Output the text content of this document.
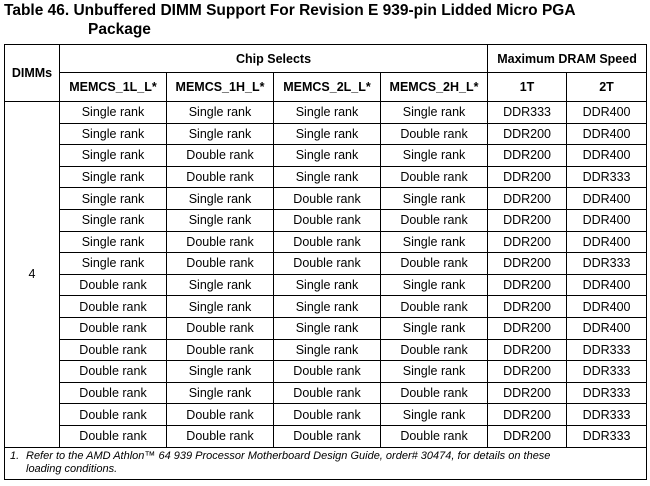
Table 46. Unbuffered DIMM Support For Revision E 939-pin Lidded Micro PGA
Package
DIMMs	Chip Selects				Maximum DRAM Speed	
	MEMCS_1L_L*	MEMCS_1H_L*	MEMCS_2L_L*	MEMCS_2H_L*	1T	2T
4	Single rank	Single rank	Single rank	Single rank	DDR333	DDR400
	Single rank	Single rank	Single rank	Double rank	DDR200	DDR400
	Single rank	Double rank	Single rank	Single rank	DDR200	DDR400
	Single rank	Double rank	Single rank	Double rank	DDR200	DDR333
	Single rank	Single rank	Double rank	Single rank	DDR200	DDR400
	Single rank	Single rank	Double rank	Double rank	DDR200	DDR400
	Single rank	Double rank	Double rank	Single rank	DDR200	DDR400
	Single rank	Double rank	Double rank	Double rank	DDR200	DDR333
	Double rank	Single rank	Single rank	Single rank	DDR200	DDR400
	Double rank	Single rank	Single rank	Double rank	DDR200	DDR400
	Double rank	Double rank	Single rank	Single rank	DDR200	DDR400
	Double rank	Double rank	Single rank	Double rank	DDR200	DDR333
	Double rank	Single rank	Double rank	Single rank	DDR200	DDR333
	Double rank	Single rank	Double rank	Double rank	DDR200	DDR333
	Double rank	Double rank	Double rank	Single rank	DDR200	DDR333
	Double rank	Double rank	Double rank	Double rank	DDR200	DDR333
1. Refer to the AMD Athlon™ 64 939 Processor Motherboard Design Guide, order# 30474, for details on these
loading conditions.						
